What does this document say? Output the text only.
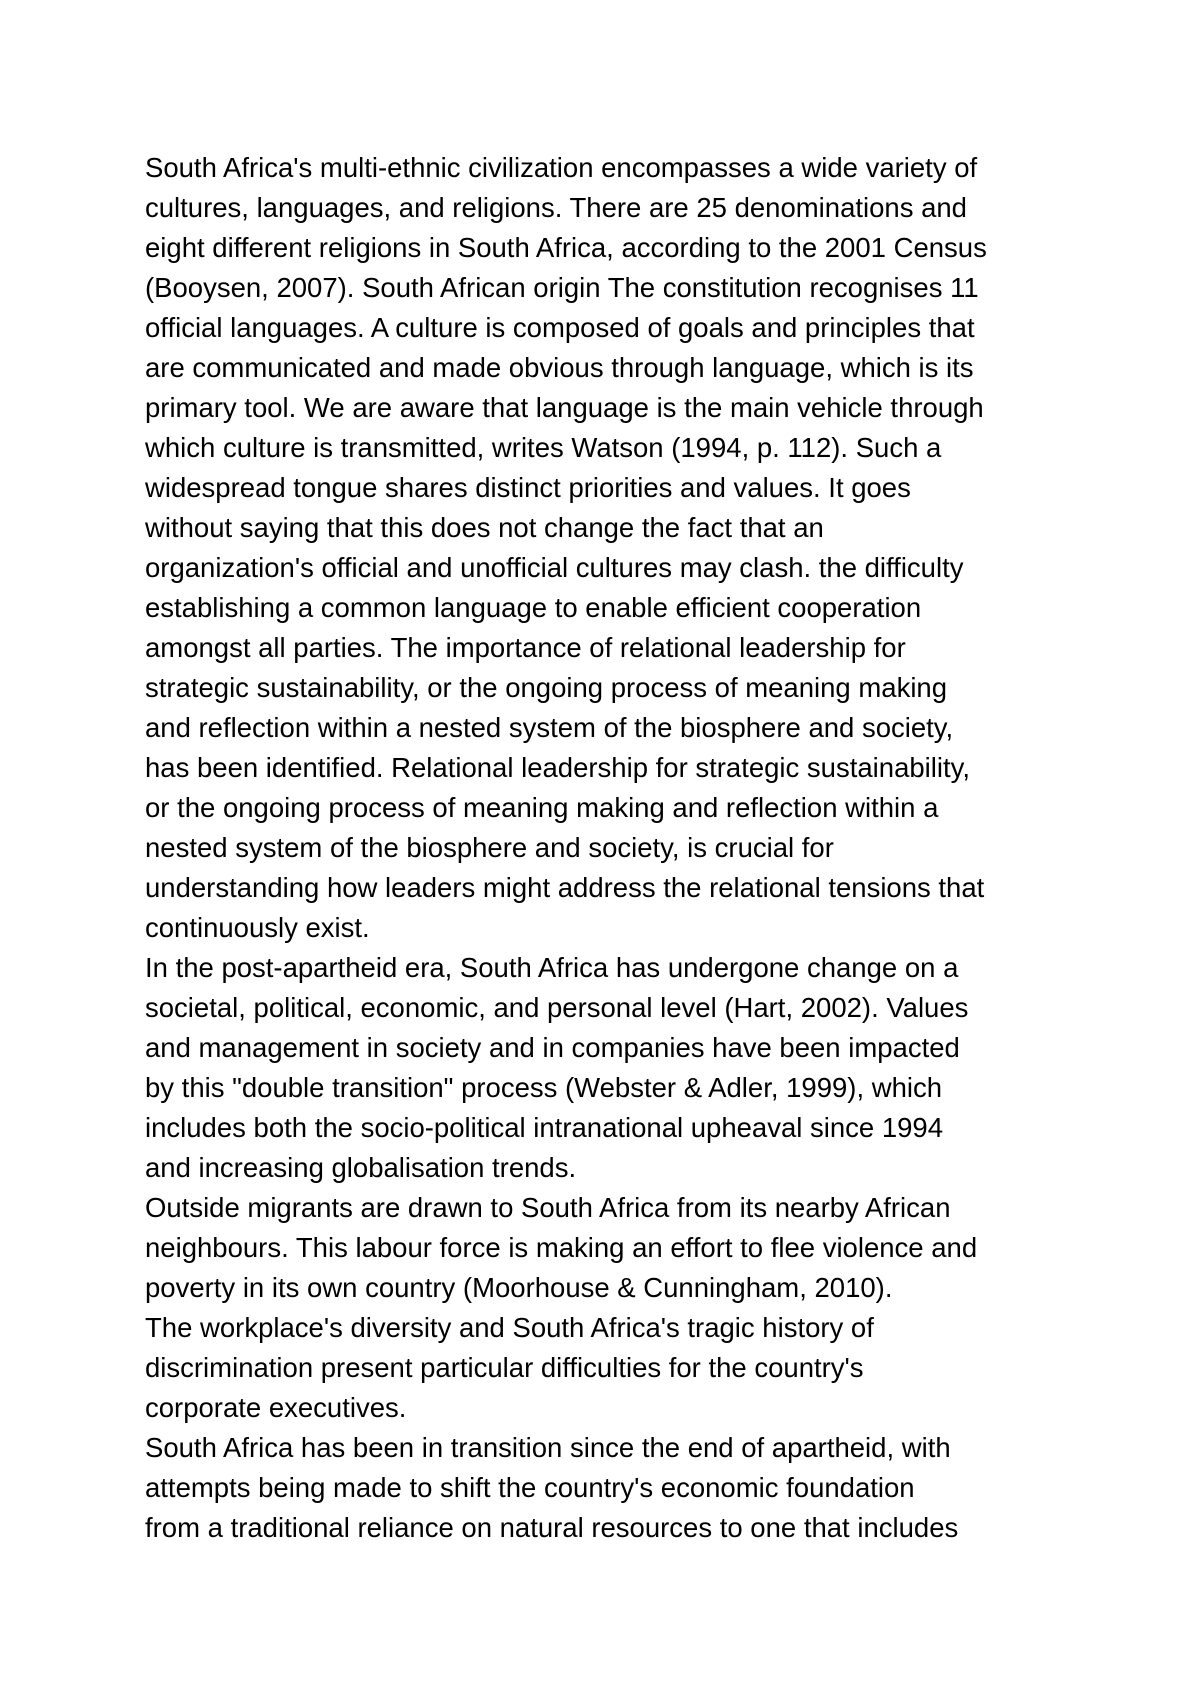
South Africa's multi-ethnic civilization encompasses a wide variety of
cultures, languages, and religions. There are 25 denominations and
eight different religions in South Africa, according to the 2001 Census
(Booysen, 2007). South African origin The constitution recognises 11
official languages. A culture is composed of goals and principles that
are communicated and made obvious through language, which is its
primary tool. We are aware that language is the main vehicle through
which culture is transmitted, writes Watson (1994, p. 112). Such a
widespread tongue shares distinct priorities and values. It goes
without saying that this does not change the fact that an
organization's official and unofficial cultures may clash. the difficulty
establishing a common language to enable efficient cooperation
amongst all parties. The importance of relational leadership for
strategic sustainability, or the ongoing process of meaning making
and reflection within a nested system of the biosphere and society,
has been identified. Relational leadership for strategic sustainability,
or the ongoing process of meaning making and reflection within a
nested system of the biosphere and society, is crucial for
understanding how leaders might address the relational tensions that
continuously exist.
In the post-apartheid era, South Africa has undergone change on a
societal, political, economic, and personal level (Hart, 2002). Values
and management in society and in companies have been impacted
by this "double transition" process (Webster & Adler, 1999), which
includes both the socio-political intranational upheaval since 1994
and increasing globalisation trends.
Outside migrants are drawn to South Africa from its nearby African
neighbours. This labour force is making an effort to flee violence and
poverty in its own country (Moorhouse & Cunningham, 2010).
The workplace's diversity and South Africa's tragic history of
discrimination present particular difficulties for the country's
corporate executives.
South Africa has been in transition since the end of apartheid, with
attempts being made to shift the country's economic foundation
from a traditional reliance on natural resources to one that includes
